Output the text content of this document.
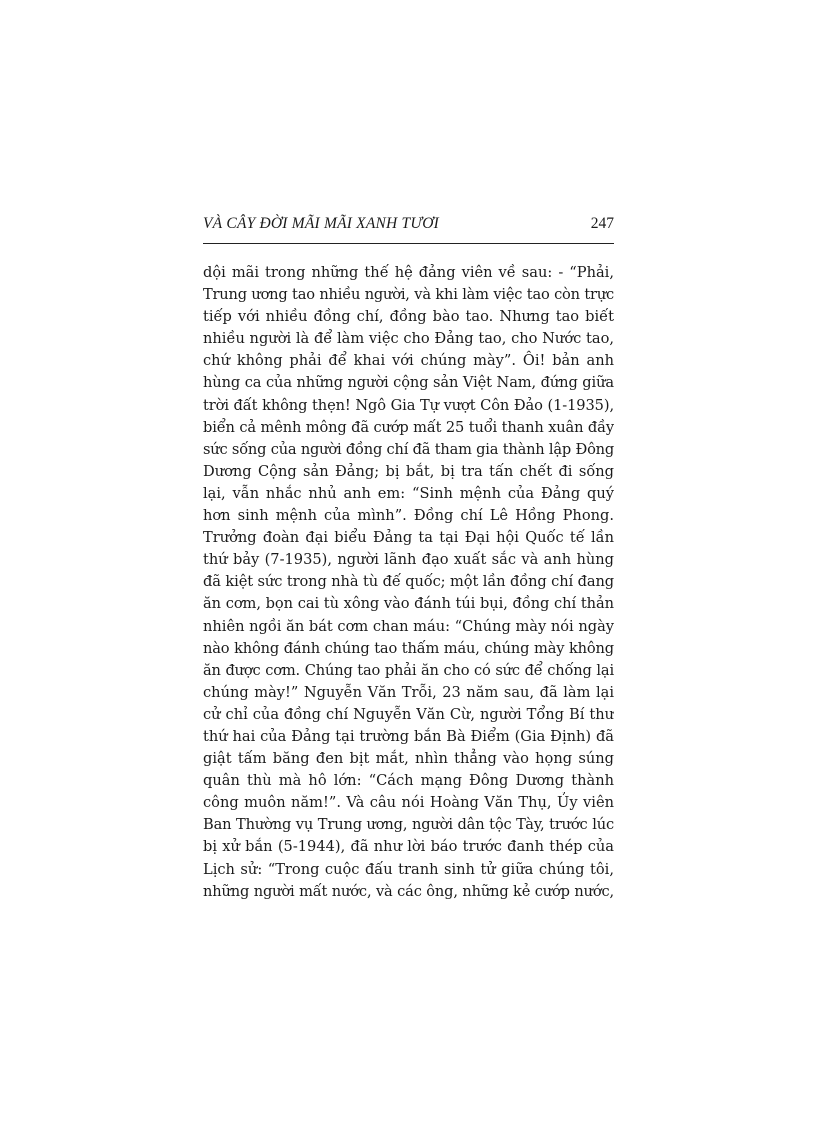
VÀ CÂY ĐỜI MÃI MÃI XANH TƯƠI	247
dội mãi trong những thế hệ đảng viên về sau: - “Phải,
Trung ương tao nhiều người, và khi làm việc tao còn trực
tiếp với nhiều đồng chí, đồng bào tao. Nhưng tao biết
nhiều người là để làm việc cho Đảng tao, cho Nước tao,
chứ không phải để khai với chúng mày”. Ôi! bản anh
hùng ca của những người cộng sản Việt Nam, đứng giữa
trời đất không thẹn! Ngô Gia Tự vượt Côn Đảo (1-1935),
biển cả mênh mông đã cướp mất 25 tuổi thanh xuân đầy
sức sống của người đồng chí đã tham gia thành lập Đông
Dương Cộng sản Đảng; bị bắt, bị tra tấn chết đi sống
lại, vẫn nhắc nhủ anh em: “Sinh mệnh của Đảng quý
hơn sinh mệnh của mình”. Đồng chí Lê Hồng Phong.
Trưởng đoàn đại biểu Đảng ta tại Đại hội Quốc tế lần
thứ bảy (7-1935), người lãnh đạo xuất sắc và anh hùng
đã kiệt sức trong nhà tù đế quốc; một lần đồng chí đang
ăn cơm, bọn cai tù xông vào đánh túi bụi, đồng chí thản
nhiên ngồi ăn bát cơm chan máu: “Chúng mày nói ngày
nào không đánh chúng tao thấm máu, chúng mày không
ăn được cơm. Chúng tao phải ăn cho có sức để chống lại
chúng mày!” Nguyễn Văn Trỗi, 23 năm sau, đã làm lại
cử chỉ của đồng chí Nguyễn Văn Cừ, người Tổng Bí thư
thứ hai của Đảng tại trường bắn Bà Điểm (Gia Định) đã
giật tấm băng đen bịt mắt, nhìn thẳng vào họng súng
quân thù mà hô lớn: “Cách mạng Đông Dương thành
công muôn năm!”. Và câu nói Hoàng Văn Thụ, Ủy viên
Ban Thường vụ Trung ương, người dân tộc Tày, trước lúc
bị xử bắn (5-1944), đã như lời báo trước đanh thép của
Lịch sử: “Trong cuộc đấu tranh sinh tử giữa chúng tôi,
những người mất nước, và các ông, những kẻ cướp nước,
